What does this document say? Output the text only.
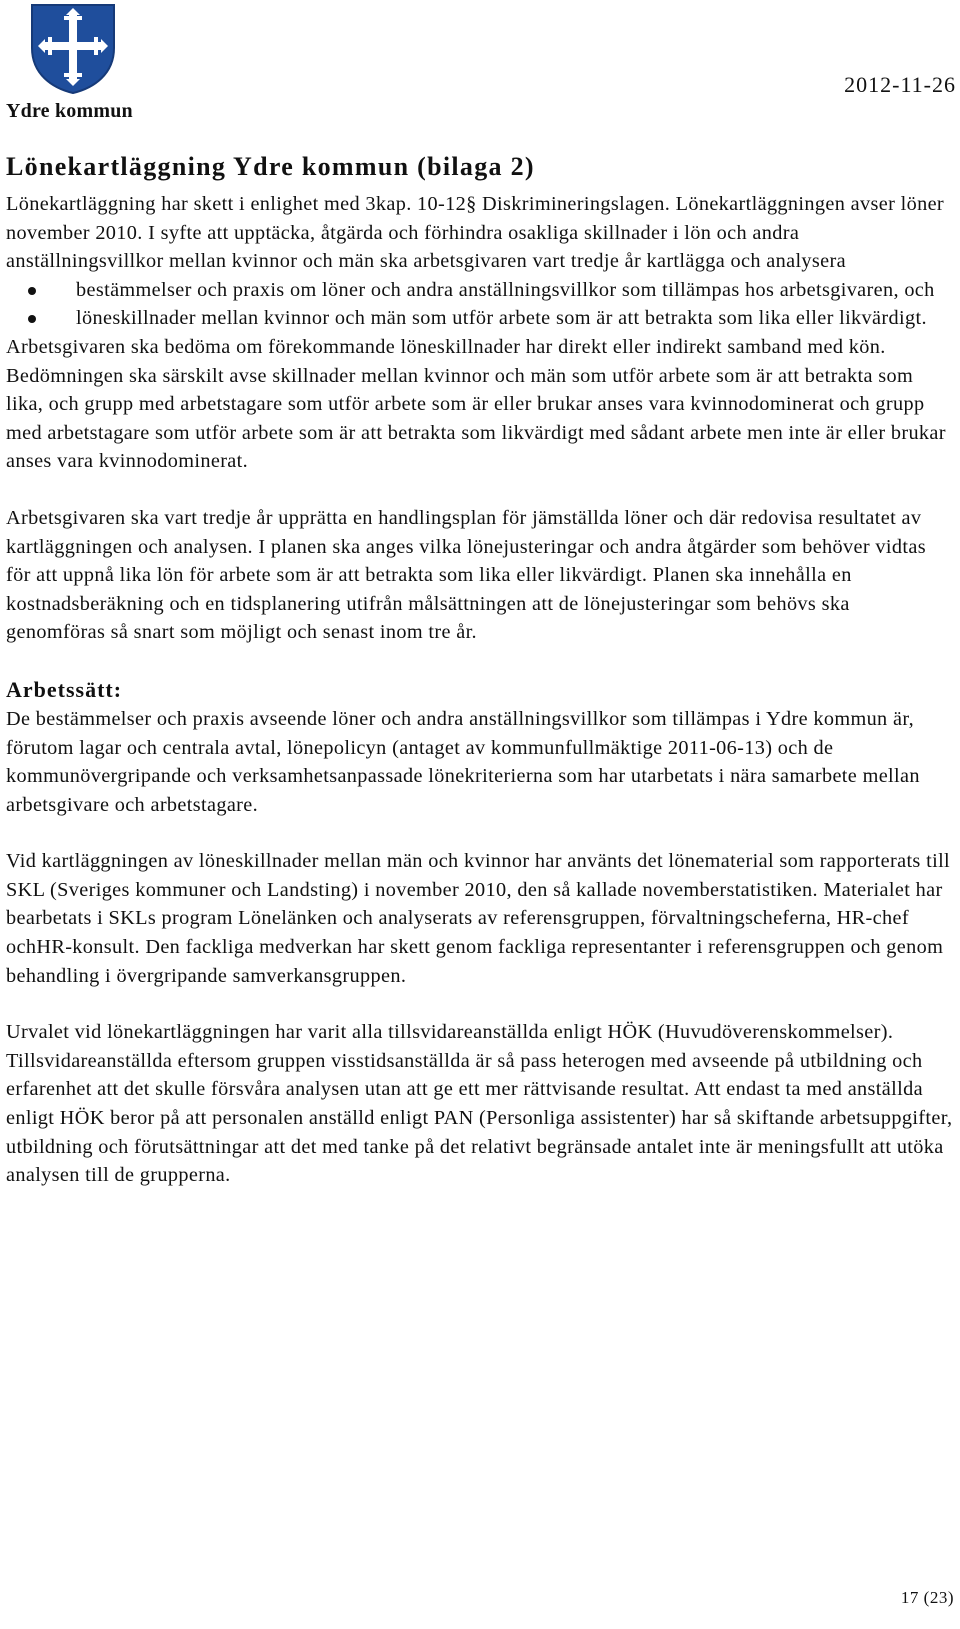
Ydre kommun
2012-11-26
Lönekartläggning Ydre kommun (bilaga 2)

Lönekartläggning har skett i enlighet med 3kap. 10-12§ Diskrimineringslagen. Lönekartläggningen avser löner november 2010. I syfte att upptäcka, åtgärda och förhindra osakliga skillnader i lön och andra anställningsvillkor mellan kvinnor och män ska arbetsgivaren vart tredje år kartlägga och analysera

bestämmelser och praxis om löner och andra anställningsvillkor som tillämpas hos arbetsgivaren, och
löneskillnader mellan kvinnor och män som utför arbete som är att betrakta som lika eller likvärdigt.

Arbetsgivaren ska bedöma om förekommande löneskillnader har direkt eller indirekt samband med kön. Bedömningen ska särskilt avse skillnader mellan kvinnor och män som utför arbete som är att betrakta som lika, och grupp med arbetstagare som utför arbete som är eller brukar anses vara kvinnodominerat och grupp med arbetstagare som utför arbete som är att betrakta som likvärdigt med sådant arbete men inte är eller brukar anses vara kvinnodominerat.

Arbetsgivaren ska vart tredje år upprätta en handlingsplan för jämställda löner och där redovisa resultatet av kartläggningen och analysen. I planen ska anges vilka lönejusteringar och andra åtgärder som behöver vidtas för att uppnå lika lön för arbete som är att betrakta som lika eller likvärdigt. Planen ska innehålla en kostnadsberäkning och en tidsplanering utifrån målsättningen att de lönejusteringar som behövs ska genomföras så snart som möjligt och senast inom tre år.

Arbetssätt:

De bestämmelser och praxis avseende löner och andra anställningsvillkor som tillämpas i Ydre kommun är, förutom lagar och centrala avtal, lönepolicyn (antaget av kommunfullmäktige 2011-06-13) och de kommunövergripande och verksamhetsanpassade lönekriterierna som har utarbetats i nära samarbete mellan arbetsgivare och arbetstagare.

Vid kartläggningen av löneskillnader mellan män och kvinnor har använts det lönematerial som rapporterats till SKL (Sveriges kommuner och Landsting) i november 2010, den så kallade novemberstatistiken. Materialet har bearbetats i SKLs program Lönelänken och analyserats av referensgruppen, förvaltningscheferna, HR-chef ochHR-konsult. Den fackliga medverkan har skett genom fackliga representanter i referensgruppen och genom behandling i övergripande samverkansgruppen.

Urvalet vid lönekartläggningen har varit alla tillsvidareanställda enligt HÖK (Huvudöverenskommelser). Tillsvidareanställda eftersom gruppen visstidsanställda är så pass heterogen med avseende på utbildning och erfarenhet att det skulle försvåra analysen utan att ge ett mer rättvisande resultat. Att endast ta med anställda enligt HÖK beror på att personalen anställd enligt PAN (Personliga assistenter) har så skiftande arbetsuppgifter, utbildning och förutsättningar att det med tanke på det relativt begränsade antalet inte är meningsfullt att utöka analysen till de grupperna.

17 (23)
